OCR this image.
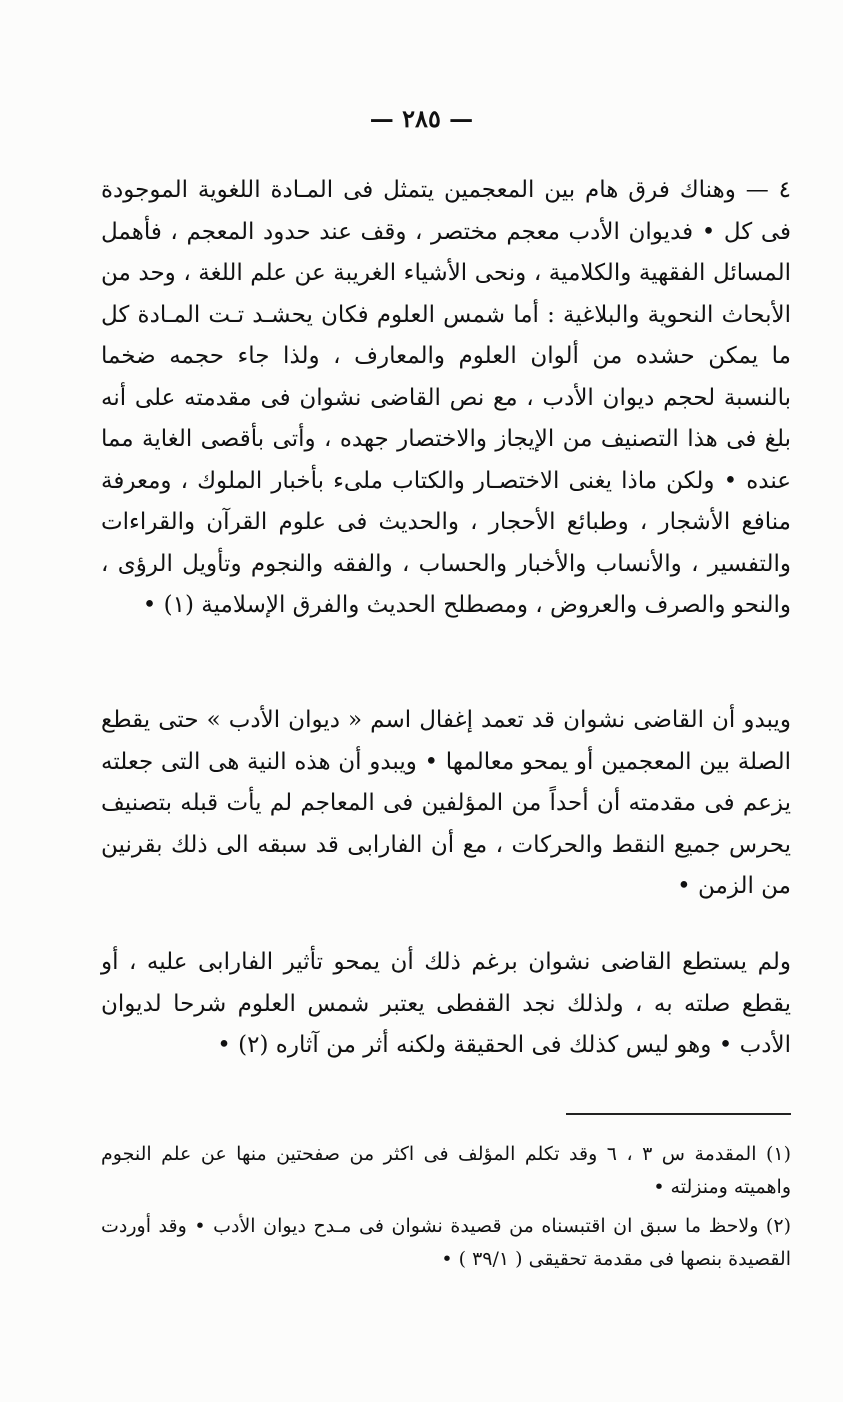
— ٢٨٥ —

٤ — وهناك فرق هام بين المعجمين يتمثل فى المـادة اللغوية الموجودة فى كل • فديوان الأدب معجم مختصر ، وقف عند حدود المعجم ، فأهمل المسائل الفقهية والكلامية ، ونحى الأشياء الغريبة عن علم اللغة ، وحد من الأبحاث النحوية والبلاغية : أما شمس العلوم فكان يحشـد تـت المـادة كل ما يمكن حشده من ألوان العلوم والمعارف ، ولذا جاء حجمه ضخما بالنسبة لحجم ديوان الأدب ، مع نص القاضى نشوان فى مقدمته على أنه بلغ فى هذا التصنيف من الإيجاز والاختصار جهده ، وأتى بأقصى الغاية مما عنده • ولكن ماذا يغنى الاختصـار والكتاب ملىء بأخبار الملوك ، ومعرفة منافع الأشجار ، وطبائع الأحجار ، والحديث فى علوم القرآن والقراءات والتفسير ، والأنساب والأخبار والحساب ، والفقه والنجوم وتأويل الرؤى ، والنحو والصرف والعروض ، ومصطلح الحديث والفرق الإسلامية (١) •

ويبدو أن القاضى نشوان قد تعمد إغفال اسم « ديوان الأدب » حتى يقطع الصلة بين المعجمين أو يمحو معالمها • ويبدو أن هذه النية هى التى جعلته يزعم فى مقدمته أن أحداً من المؤلفين فى المعاجم لم يأت قبله بتصنيف يحرس جميع النقط والحركات ، مع أن الفارابى قد سبقه الى ذلك بقرنين من الزمن •

ولم يستطع القاضى نشوان برغم ذلك أن يمحو تأثير الفارابى عليه ، أو يقطع صلته به ، ولذلك نجد القفطى يعتبر شمس العلوم شرحا لديوان الأدب • وهو ليس كذلك فى الحقيقة ولكنه أثر من آثاره (٢) •

(١) المقدمة س ٣ ، ٦ وقد تكلم المؤلف فى اكثر من صفحتين منها عن علم النجوم واهميته ومنزلته •

(٢) ولاحظ ما سبق ان اقتبسناه من قصيدة نشوان فى مـدح ديوان الأدب • وقد أوردت القصيدة بنصها فى مقدمة تحقيقى ( ٣٩/١ ) •
